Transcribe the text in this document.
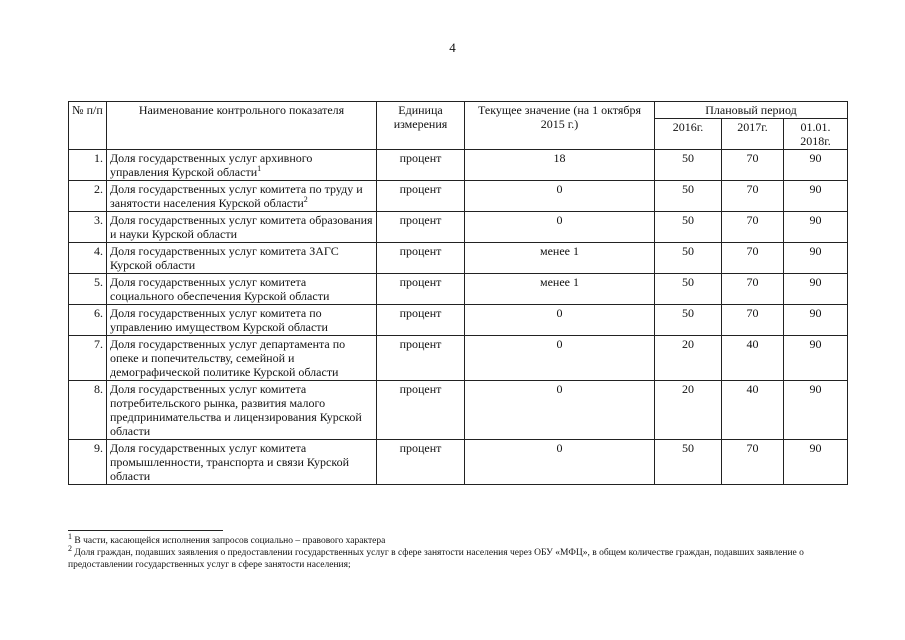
4
№ п/п	Наименование контрольного показателя	Единица измерения	Текущее значение (на 1 октября 2015 г.)	Плановый период		
				2016г.	2017г.	01.01. 2018г.
1.	Доля государственных услуг архивного управления Курской области$^1$	процент	18	50	70	90
2.	Доля государственных услуг комитета по труду и занятости населения Курской области$^2$	процент	0	50	70	90
3.	Доля государственных услуг комитета образования и науки Курской области	процент	0	50	70	90
4.	Доля государственных услуг комитета ЗАГС Курской области	процент	менее 1	50	70	90
5.	Доля государственных услуг комитета социального обеспечения Курской области	процент	менее 1	50	70	90
6.	Доля государственных услуг комитета по управлению имуществом Курской области	процент	0	50	70	90
7.	Доля государственных услуг департамента по опеке и попечительству, семейной и демографической политике Курской области	процент	0	20	40	90
8.	Доля государственных услуг комитета потребительского рынка, развития малого предпринимательства и лицензирования Курской области	процент	0	20	40	90
9.	Доля государственных услуг комитета промышленности, транспорта и связи Курской области	процент	0	50	70	90

$^1$ В части, касающейся исполнения запросов социально – правового характера

$^2$ Доля граждан, подавших заявления о предоставлении государственных услуг в сфере занятости населения через ОБУ «МФЦ», в общем количестве граждан, подавших заявление о предоставлении государственных услуг в сфере занятости населения;
